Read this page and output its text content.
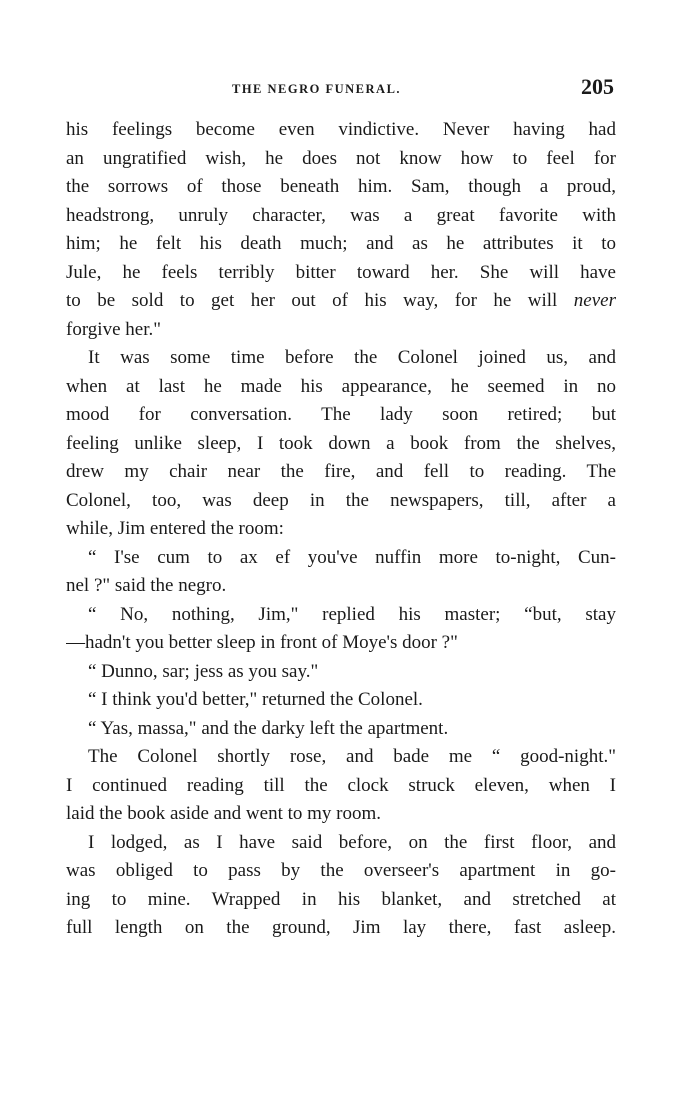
THE NEGRO FUNERAL.	205
his feelings become even vindictive. Never having had
an ungratified wish, he does not know how to feel for
the sorrows of those beneath him. Sam, though a proud,
headstrong, unruly character, was a great favorite with
him; he felt his death much; and as he attributes it to
Jule, he feels terribly bitter toward her. She will have
to be sold to get her out of his way, for he will never
forgive her."
It was some time before the Colonel joined us, and
when at last he made his appearance, he seemed in no
mood for conversation. The lady soon retired; but
feeling unlike sleep, I took down a book from the shelves,
drew my chair near the fire, and fell to reading. The
Colonel, too, was deep in the newspapers, till, after a
while, Jim entered the room:
“ I'se cum to ax ef you've nuffin more to-night, Cun-
nel ?" said the negro.
“ No, nothing, Jim," replied his master; “but, stay
—hadn't you better sleep in front of Moye's door ?"
“ Dunno, sar; jess as you say."
“ I think you'd better," returned the Colonel.
“ Yas, massa," and the darky left the apartment.
The Colonel shortly rose, and bade me “ good-night."
I continued reading till the clock struck eleven, when I
laid the book aside and went to my room.
I lodged, as I have said before, on the first floor, and
was obliged to pass by the overseer's apartment in go-
ing to mine. Wrapped in his blanket, and stretched at
full length on the ground, Jim lay there, fast asleep.
